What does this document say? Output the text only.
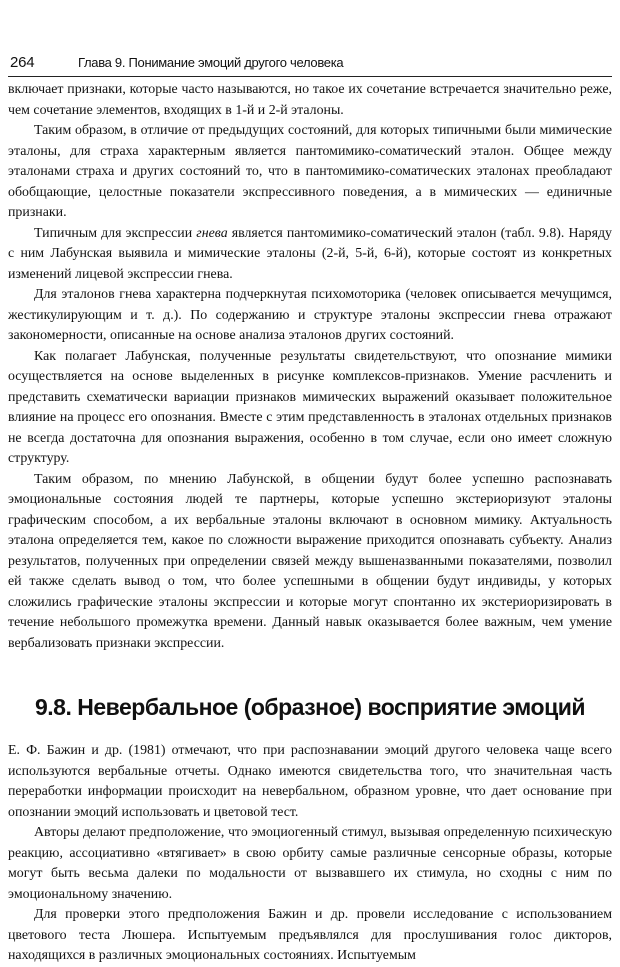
264	Глава 9. Понимание эмоций другого человека

включает признаки, которые часто называются, но такое их сочетание встречается значительно реже, чем сочетание элементов, входящих в 1-й и 2-й эталоны.

Таким образом, в отличие от предыдущих состояний, для которых типичными были мимические эталоны, для страха характерным является пантомимико-соматический эталон. Общее между эталонами страха и других состояний то, что в пантомимико-соматических эталонах преобладают обобщающие, целостные показатели экспрессивного поведения, а в мимических — единичные признаки.

Типичным для экспрессии гнева является пантомимико-соматический эталон (табл. 9.8). Наряду с ним Лабунская выявила и мимические эталоны (2-й, 5-й, 6-й), которые состоят из конкретных изменений лицевой экспрессии гнева.

Для эталонов гнева характерна подчеркнутая психомоторика (человек описывается мечущимся, жестикулирующим и т. д.). По содержанию и структуре эталоны экспрессии гнева отражают закономерности, описанные на основе анализа эталонов других состояний.

Как полагает Лабунская, полученные результаты свидетельствуют, что опознание мимики осуществляется на основе выделенных в рисунке комплексов-признаков. Умение расчленить и представить схематически вариации признаков мимических выражений оказывает положительное влияние на процесс его опознания. Вместе с этим представленность в эталонах отдельных признаков не всегда достаточна для опознания выражения, особенно в том случае, если оно имеет сложную структуру.

Таким образом, по мнению Лабунской, в общении будут более успешно распознавать эмоциональные состояния людей те партнеры, которые успешно экстериоризуют эталоны графическим способом, а их вербальные эталоны включают в основном мимику. Актуальность эталона определяется тем, какое по сложности выражение приходится опознавать субъекту. Анализ результатов, полученных при определении связей между вышеназванными показателями, позволил ей также сделать вывод о том, что более успешными в общении будут индивиды, у которых сложились графические эталоны экспрессии и которые могут спонтанно их экстериоризировать в течение небольшого промежутка времени. Данный навык оказывается более важным, чем умение вербализовать признаки экспрессии.

9.8. Невербальное (образное) восприятие эмоций

Е. Ф. Бажин и др. (1981) отмечают, что при распознавании эмоций другого человека чаще всего используются вербальные отчеты. Однако имеются свидетельства того, что значительная часть переработки информации происходит на невербальном, образном уровне, что дает основание при опознании эмоций использовать и цветовой тест.

Авторы делают предположение, что эмоциогенный стимул, вызывая определенную психическую реакцию, ассоциативно «втягивает» в свою орбиту самые различные сенсорные образы, которые могут быть весьма далеки по модальности от вызвавшего их стимула, но сходны с ним по эмоциональному значению.

Для проверки этого предположения Бажин и др. провели исследование с использованием цветового теста Люшера. Испытуемым предъявлялся для прослушивания голос дикторов, находящихся в различных эмоциональных состояниях. Испытуемым
